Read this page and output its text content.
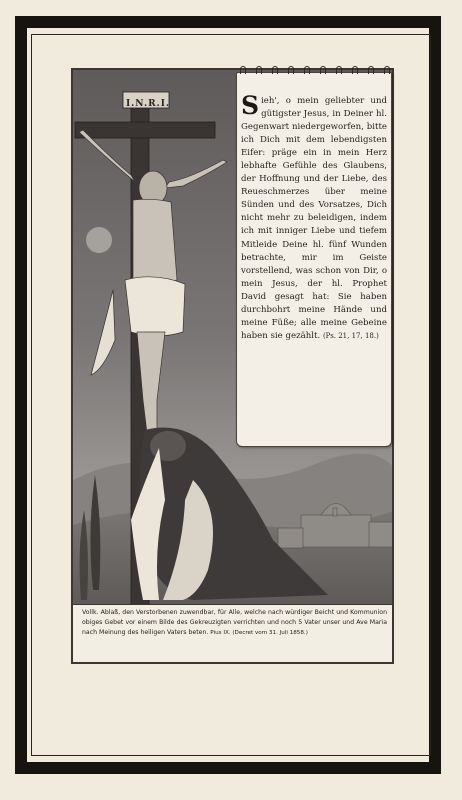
I.N.R.I.	Sieh', o mein geliebter und gütigster Jesus, in Deiner hl. Gegenwart niedergeworfen, bitte ich Dich mit dem lebendigsten Eifer: präge ein in mein Herz lebhafte Gefühle des Glaubens, der Hoffnung und der Liebe, des Reueschmerzes über meine Sünden und des Vorsatzes, Dich nicht mehr zu beleidigen, indem ich mit inniger Liebe und tiefem Mitleide Deine hl. fünf Wunden betrachte, mir im Geiste vorstellend, was schon von Dir, o mein Jesus, der hl. Prophet David gesagt hat: Sie haben durchbohrt meine Hände und meine Füße; alle meine Gebeine haben sie gezählt. (Ps. 21, 17, 18.)
Vollk. Ablaß, den Verstorbenen zuwendbar, für Alle, welche nach würdiger Beicht und Kommunion obiges Gebet vor einem Bilde des Gekreuzigten verrichten und noch 5 Vater unser und Ave Maria nach Meinung des heiligen Vaters beten. Pius IX. (Decret vom 31. Juli 1858.)
